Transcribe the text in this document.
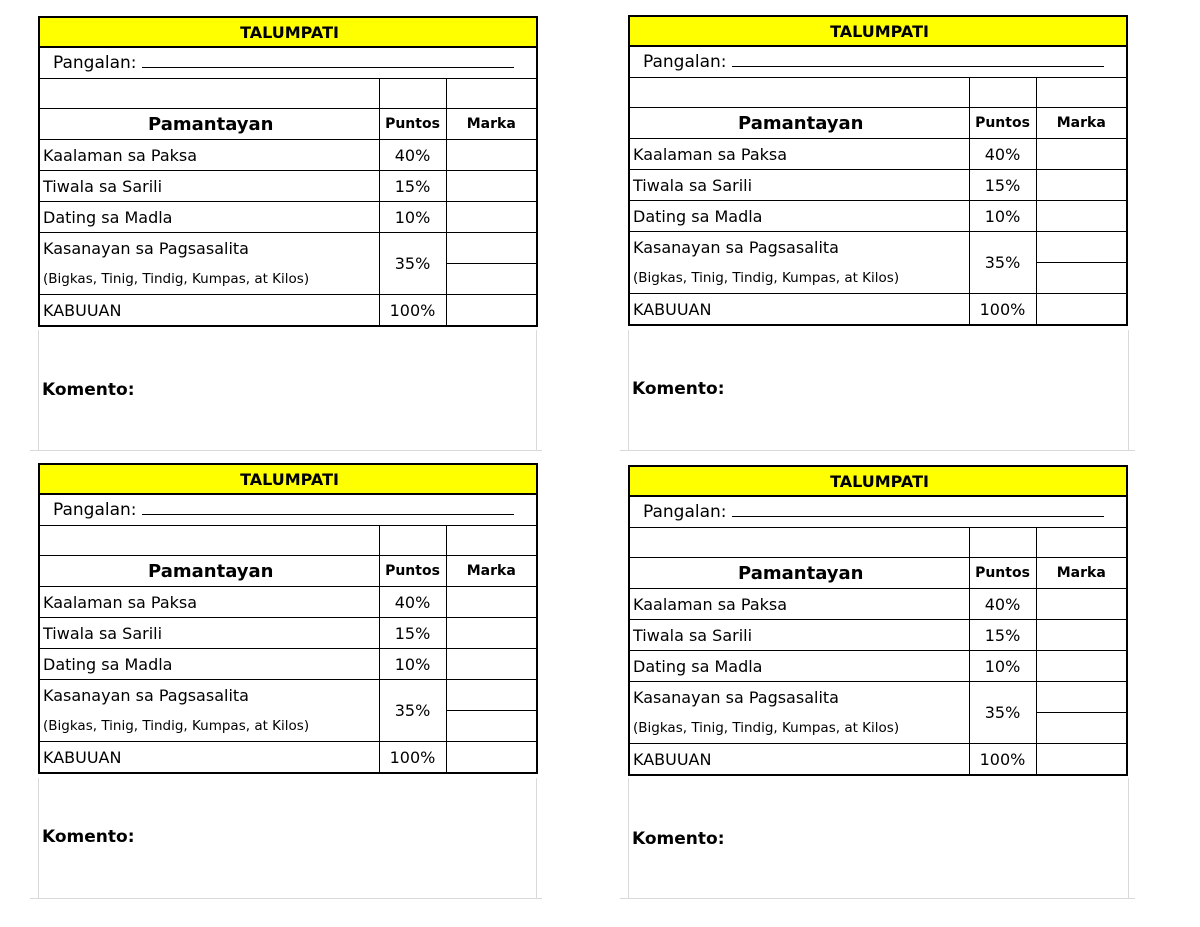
TALUMPATI		
Pangalan:		

Pamantayan	Puntos	Marka
Kaalaman sa Paksa	40%	
Tiwala sa Sarili	15%	
Dating sa Madla	10%	
Kasanayan sa Pagsasalita	35%	
(Bigkas, Tinig, Tindig, Kumpas, at Kilos)		
KABUUAN	100%	
Komento:
TALUMPATI		
Pangalan:		

Pamantayan	Puntos	Marka
Kaalaman sa Paksa	40%	
Tiwala sa Sarili	15%	
Dating sa Madla	10%	
Kasanayan sa Pagsasalita	35%	
(Bigkas, Tinig, Tindig, Kumpas, at Kilos)		
KABUUAN	100%	
Komento:
TALUMPATI		
Pangalan:		

Pamantayan	Puntos	Marka
Kaalaman sa Paksa	40%	
Tiwala sa Sarili	15%	
Dating sa Madla	10%	
Kasanayan sa Pagsasalita	35%	
(Bigkas, Tinig, Tindig, Kumpas, at Kilos)		
KABUUAN	100%	
Komento:
TALUMPATI		
Pangalan:		

Pamantayan	Puntos	Marka
Kaalaman sa Paksa	40%	
Tiwala sa Sarili	15%	
Dating sa Madla	10%	
Kasanayan sa Pagsasalita	35%	
(Bigkas, Tinig, Tindig, Kumpas, at Kilos)		
KABUUAN	100%	
Komento:
